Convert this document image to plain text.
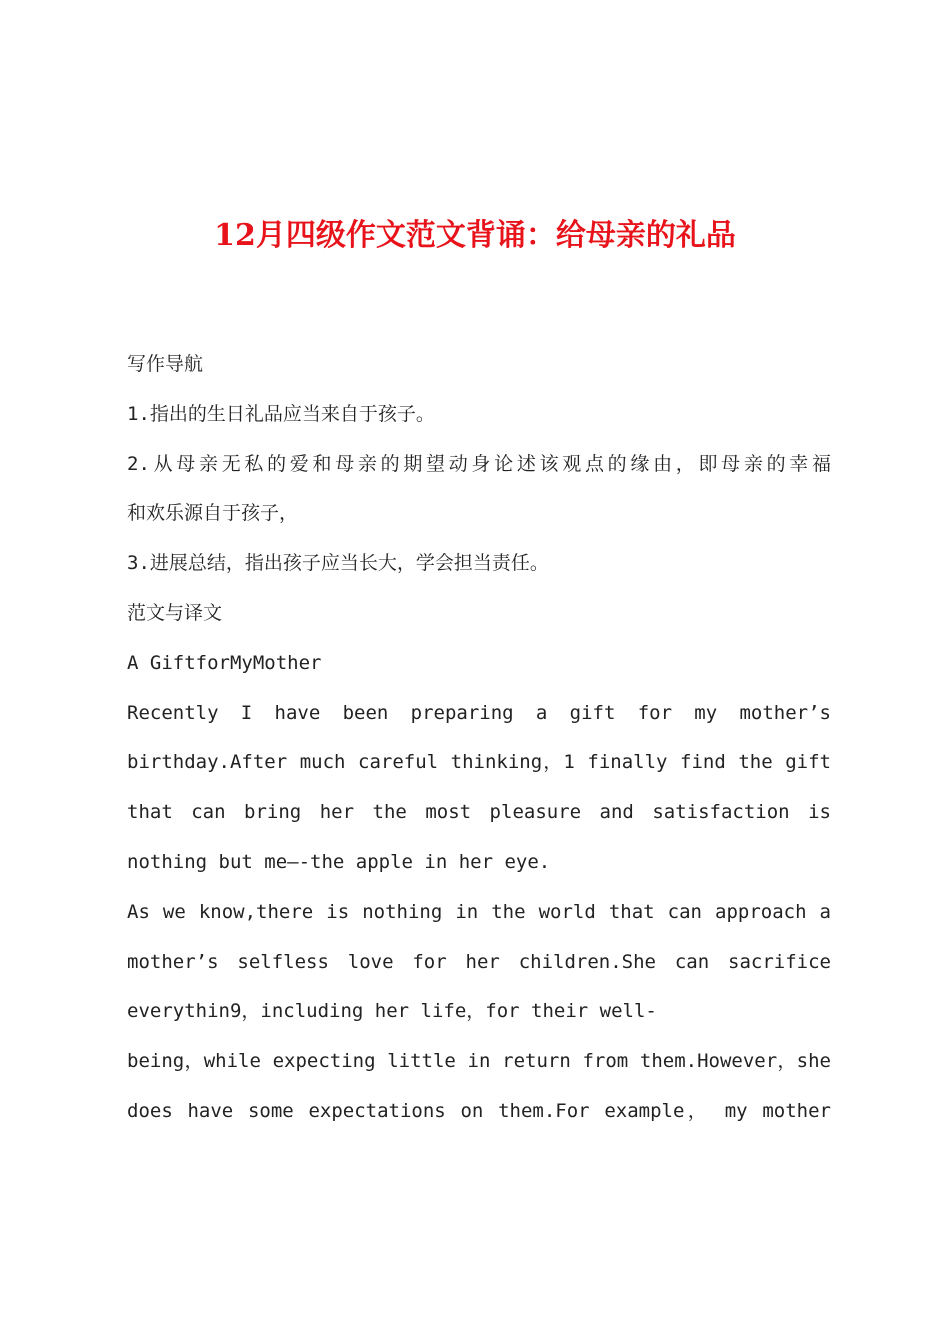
12月四级作文范文背诵：给母亲的礼品
写作导航
1.指出的生日礼品应当来自于孩子。
2.从母亲无私的爱和母亲的期望动身论述该观点的缘由，即母亲的幸福
和欢乐源自于孩子，
3.进展总结，指出孩子应当长大，学会担当责任。
范文与译文
A GiftforMyMother
Recently I have been preparing a gift for my mother’s
birthday.After much careful thinking，1 finally find the gift
that can bring her the most pleasure and satisfaction is
nothing but me—-the apple in her eye.
As we know,there is nothing in the world that can approach a
mother’s selfless love for her children.She can sacrifice
everythin9，including her life，for their well-
being，while expecting little in return from them.However，she
does have some expectations on them.For example， my mother
